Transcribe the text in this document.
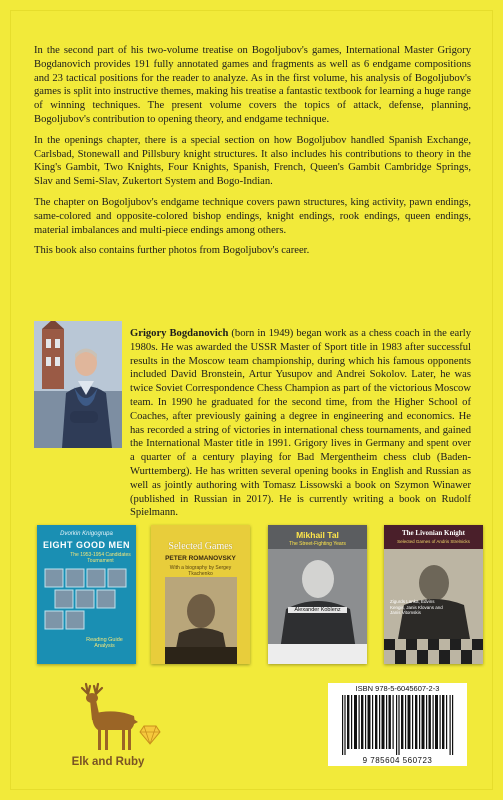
In the second part of his two-volume treatise on Bogoljubov's games, International Master Grigory Bogdanovich provides 191 fully annotated games and fragments as well as 6 endgame compositions and 23 tactical positions for the reader to analyze. As in the first volume, his analysis of Bogoljubov's games is split into instructive themes, making his treatise a fantastic textbook for learning a huge range of winning techniques. The present volume covers the topics of attack, defense, planning, Bogoljubov's contribution to opening theory, and endgame technique.

In the openings chapter, there is a special section on how Bogoljubov handled Spanish Exchange, Carlsbad, Stonewall and Pillsbury knight structures. It also includes his contributions to theory in the King's Gambit, Two Knights, Four Knights, Spanish, French, Queen's Gambit Cambridge Springs, Slav and Semi-Slav, Zukertort System and Bogo-Indian.

The chapter on Bogoljubov's endgame technique covers pawn structures, king activity, pawn endings, same-colored and opposite-colored bishop endings, knight endings, rook endings, queen endings, material imbalances and multi-piece endings among others.

This book also contains further photos from Bogoljubov's career.

Grigory Bogdanovich (born in 1949) began work as a chess coach in the early 1980s. He was awarded the USSR Master of Sport title in 1983 after successful results in the Moscow team championship, during which his famous opponents included David Bronstein, Artur Yusupov and Andrei Sokolov. Later, he was twice Soviet Correspondence Chess Champion as part of the victorious Moscow team. In 1990 he graduated for the second time, from the Higher School of Coaches, after previously gaining a degree in engineering and economics. He has recorded a string of victories in international chess tournaments, and gained the International Master title in 1991. Grigory lives in Germany and spent over a quarter of a century playing for Bad Mergentheim chess club (Baden-Wurttemberg). He has written several opening books in English and Russian as well as jointly authoring with Tomasz Lissowski a book on Szymon Winawer (published in Russian in 2017). He is currently writing a book on Rudolf Spielmann.
Dvorkin Knigogrupa
EIGHT GOOD MEN
The 1953-1954 Candidates Tournament
Reading Guide Analysis
Selected Games
PETER ROMANOVSKY
With a biography by Sergey Tkachenko
Mikhail Tal
The Street-Fighting Years
Alexander Koblenz
The Livonian Knight
Selected Games of Andris Strelnicks
Zigurds Lanka, Edvins Kengis, Janis Klovans and Janis Vitomskis
Elk and Ruby
ISBN 978-5-6045607-2-3
9 785604 560723
